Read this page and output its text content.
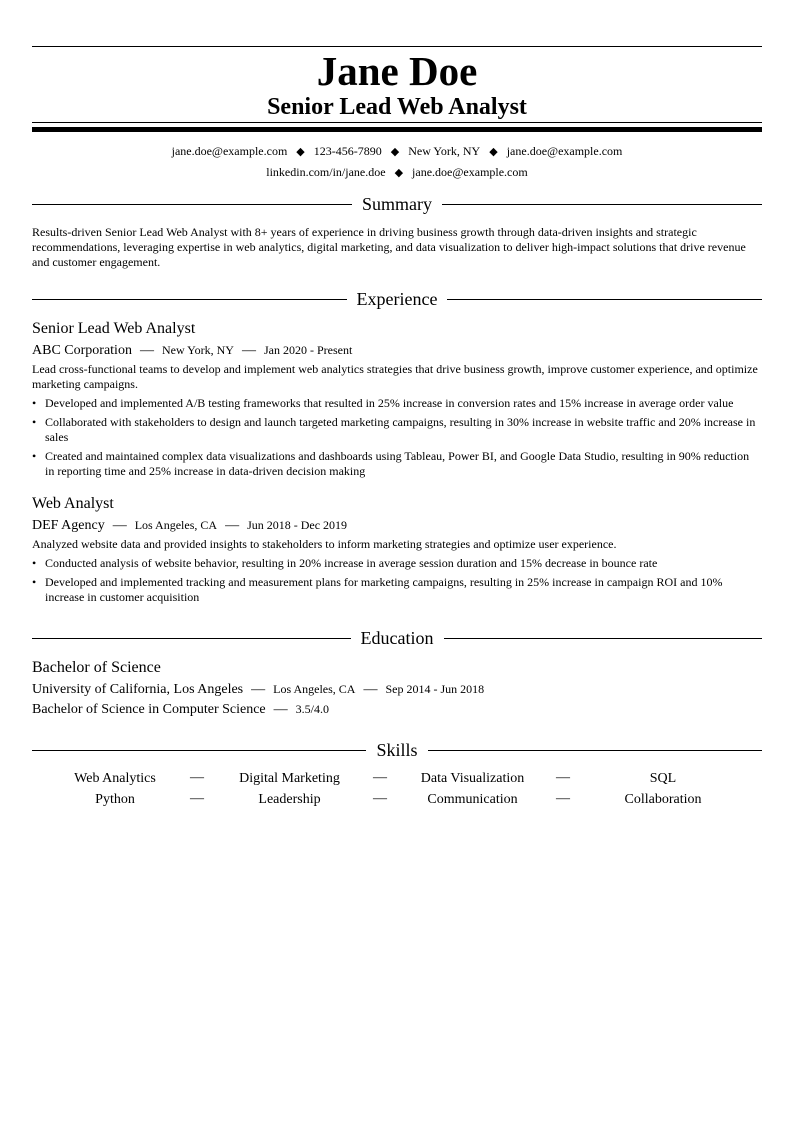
Jane Doe
Senior Lead Web Analyst
jane.doe@example.com ◆ 123-456-7890 ◆ New York, NY ◆ jane.doe@example.com
linkedin.com/in/jane.doe ◆ jane.doe@example.com
Summary
Results-driven Senior Lead Web Analyst with 8+ years of experience in driving business growth through data-driven insights and strategic recommendations, leveraging expertise in web analytics, digital marketing, and data visualization to deliver high-impact solutions that drive revenue and customer engagement.
Experience
Senior Lead Web Analyst
ABC Corporation — New York, NY — Jan 2020 - Present
Lead cross-functional teams to develop and implement web analytics strategies that drive business growth, improve customer experience, and optimize marketing campaigns.
• Developed and implemented A/B testing frameworks that resulted in 25% increase in conversion rates and 15% increase in average order value
• Collaborated with stakeholders to design and launch targeted marketing campaigns, resulting in 30% increase in website traffic and 20% increase in sales
• Created and maintained complex data visualizations and dashboards using Tableau, Power BI, and Google Data Studio, resulting in 90% reduction in reporting time and 25% increase in data-driven decision making
Web Analyst
DEF Agency — Los Angeles, CA — Jun 2018 - Dec 2019
Analyzed website data and provided insights to stakeholders to inform marketing strategies and optimize user experience.
• Conducted analysis of website behavior, resulting in 20% increase in average session duration and 15% decrease in bounce rate
• Developed and implemented tracking and measurement plans for marketing campaigns, resulting in 25% increase in campaign ROI and 10% increase in customer acquisition
Education
Bachelor of Science
University of California, Los Angeles — Los Angeles, CA — Sep 2014 - Jun 2018
Bachelor of Science in Computer Science — 3.5/4.0
Skills
Web Analytics	—	Digital Marketing	—	Data Visualization	—	SQL
Python	—	Leadership	—	Communication	—	Collaboration
